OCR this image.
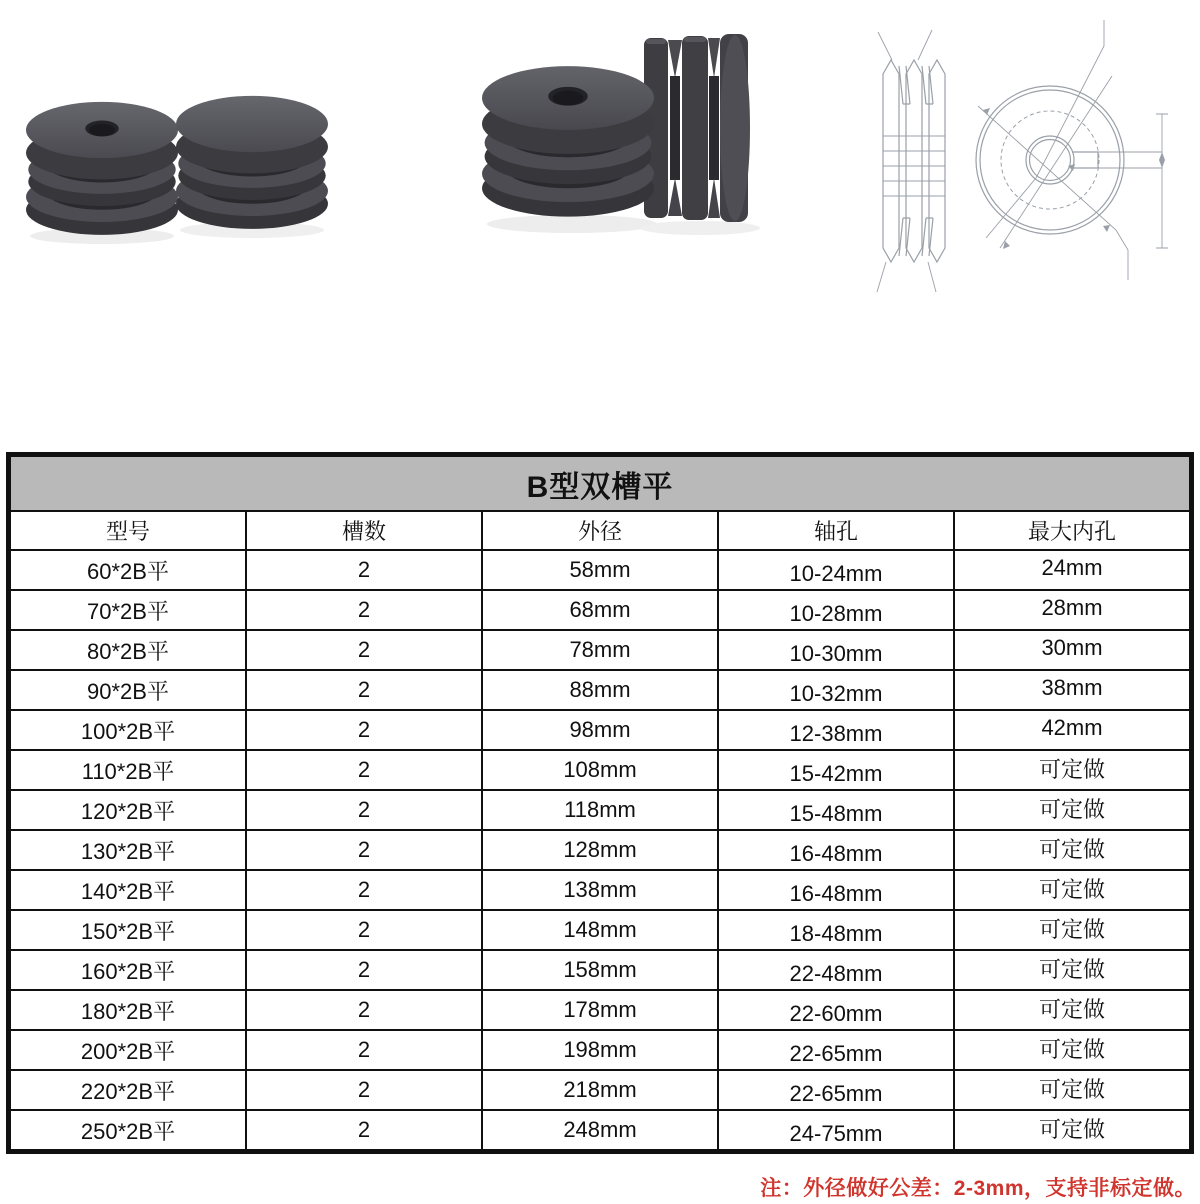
B型双槽平				
型号	槽数	外径	轴孔	最大内孔
60*2B平	2	58mm	10-24mm	24mm
70*2B平	2	68mm	10-28mm	28mm
80*2B平	2	78mm	10-30mm	30mm
90*2B平	2	88mm	10-32mm	38mm
100*2B平	2	98mm	12-38mm	42mm
110*2B平	2	108mm	15-42mm	可定做
120*2B平	2	118mm	15-48mm	可定做
130*2B平	2	128mm	16-48mm	可定做
140*2B平	2	138mm	16-48mm	可定做
150*2B平	2	148mm	18-48mm	可定做
160*2B平	2	158mm	22-48mm	可定做
180*2B平	2	178mm	22-60mm	可定做
200*2B平	2	198mm	22-65mm	可定做
220*2B平	2	218mm	22-65mm	可定做
250*2B平	2	248mm	24-75mm	可定做
注：外径做好公差：2-3mm，支持非标定做。
